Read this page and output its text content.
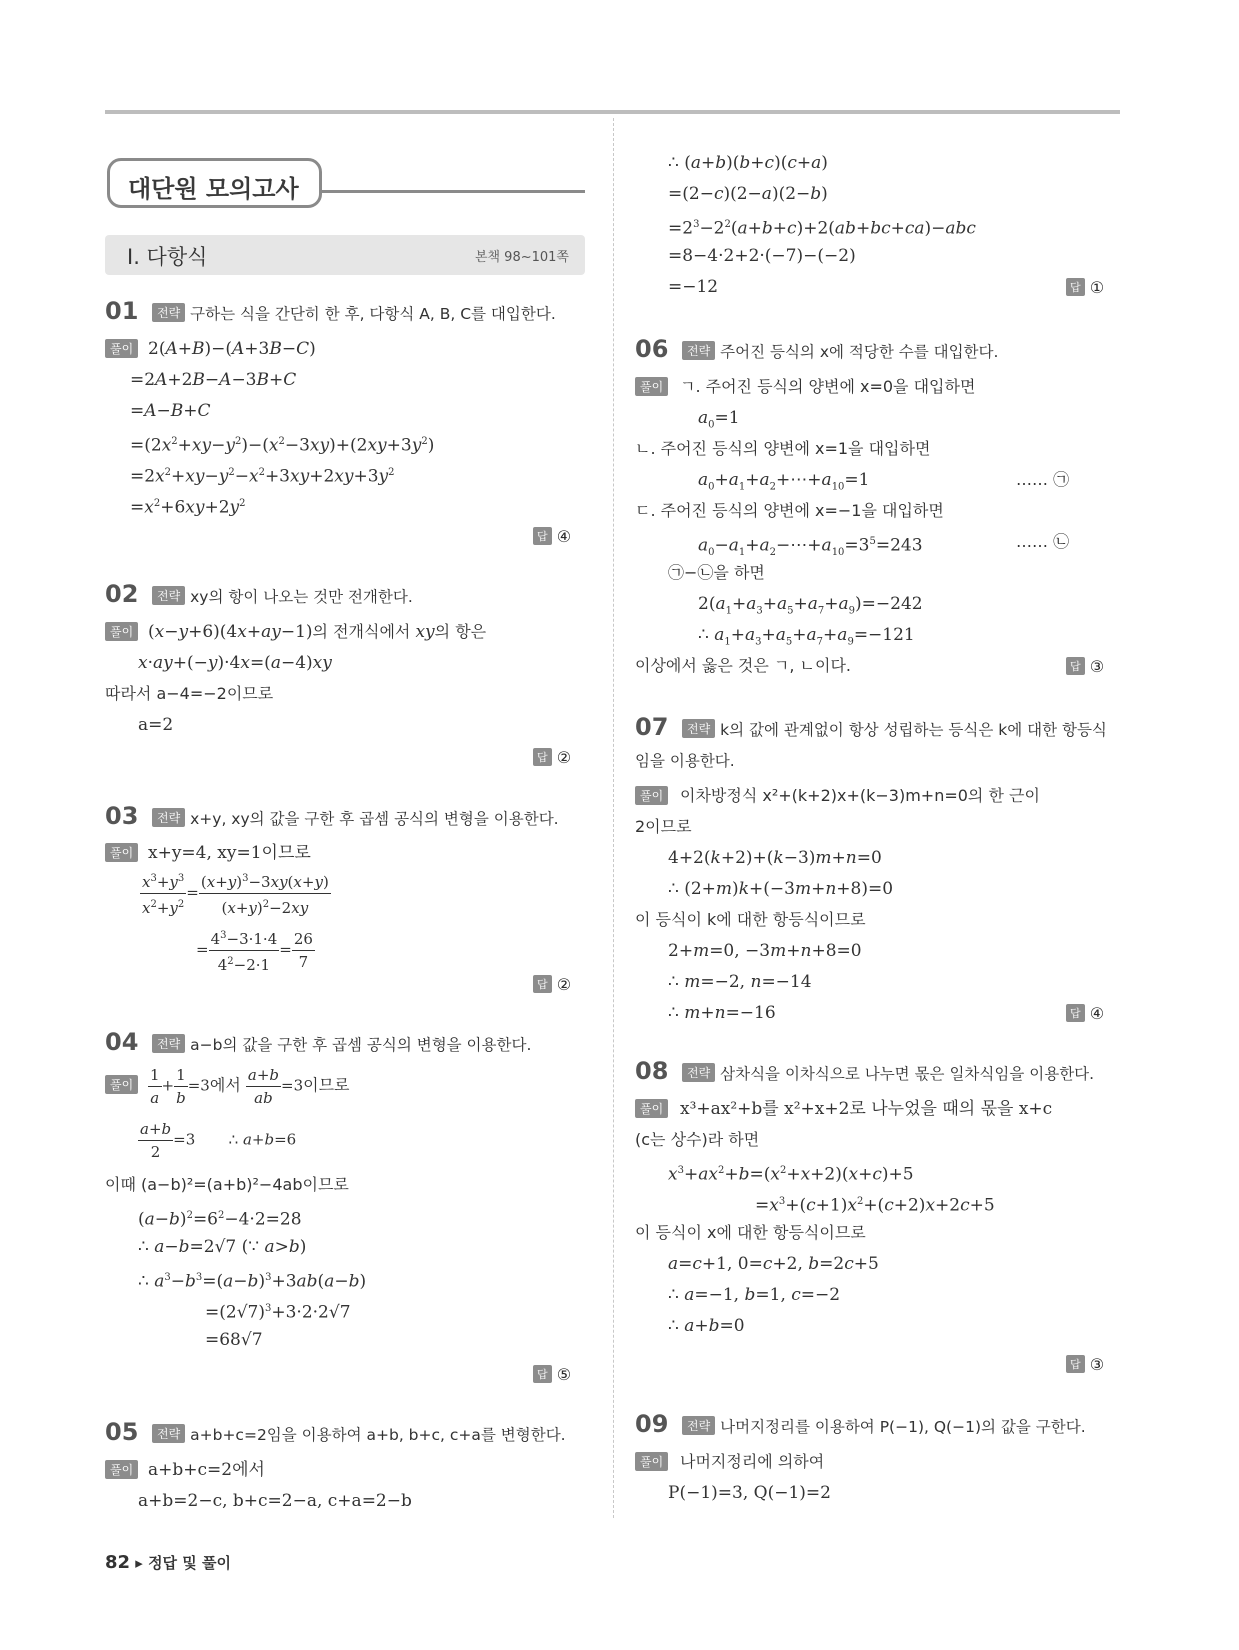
대단원 모의고사
Ⅰ. 다항식	본책 98~101쪽
01	전략 구하는 식을 간단히 한 후, 다항식 A, B, C를 대입한다.
풀이 2(A+B)−(A+3B−C)
=2A+2B−A−3B+C
=A−B+C
$=(2x^2+xy-y^2)-(x^2-3xy)+(2xy+3y^2)$
$=2x^2+xy-y^2-x^2+3xy+2xy+3y^2$
$=x^2+6xy+2y^2$
답 ④
02	전략 xy의 항이 나오는 것만 전개한다.
풀이 (x−y+6)(4x+ay−1)의 전개식에서 xy의 항은
x·ay+(−y)·4x=(a−4)xy
따라서 a−4=−2이므로
a=2
답 ②
03	전략 x+y, xy의 값을 구한 후 곱셈 공식의 변형을 이용한다.
풀이 x+y=4, xy=1이므로
$\frac{x^3+y^3}{x^2+y^2} = \frac{(x+y)^3-3xy(x+y)}{(x+y)^2-2xy}$
= $\frac{4^3-3\cdot 1\cdot 4}{4^2-2\cdot 1} = \frac{26}{7}$
답 ②
04	전략 a−b의 값을 구한 후 곱셈 공식의 변형을 이용한다.
풀이 $\frac{1}{a} + \frac{1}{b} =3$에서 $\frac{a+b}{ab} =3$이므로
$\frac{a+b}{2} =3$       ∴ a+b=6
이때 (a−b)²=(a+b)²−4ab이므로
$(a-b)^2=6^2-4\cdot 2=28$
∴ a−b=2√7 (∵ a>b)
∴ $a^3-b^3=(a-b)^3+3ab(a-b)$
$=(2√7)^3+3\cdot 2\cdot 2√7$
=68√7
답 ⑤
05	전략 a+b+c=2임을 이용하여 a+b, b+c, c+a를 변형한다.
풀이 a+b+c=2에서
a+b=2−c, b+c=2−a, c+a=2−b
∴ (a+b)(b+c)(c+a)
=(2−c)(2−a)(2−b)
$=2^3-2^2(a+b+c)+2(ab+bc+ca)-abc$
=8−4·2+2·(−7)−(−2)
=−12	답 ①
06	전략 주어진 등식의 x에 적당한 수를 대입한다.
풀이	ㄱ. 주어진 등식의 양변에 x=0을 대입하면
$a_0=1$
ㄴ. 주어진 등식의 양변에 x=1을 대입하면
$a_0+a_1+a_2+\cdots+a_{10}=1$	…… ㉠
ㄷ. 주어진 등식의 양변에 x=−1을 대입하면
$a_0-a_1+a_2-\cdots+a_{10}=3^5=243$	…… ㉡
㉠−㉡을 하면
$2(a_1+a_3+a_5+a_7+a_9)=-242$
∴ $a_1+a_3+a_5+a_7+a_9=-121$
이상에서 옳은 것은 ㄱ, ㄴ이다.	답 ③
07	전략 k의 값에 관계없이 항상 성립하는 등식은 k에 대한 항등식
임을 이용한다.
풀이	이차방정식 x²+(k+2)x+(k−3)m+n=0의 한 근이
2이므로
4+2(k+2)+(k−3)m+n=0
∴ (2+m)k+(−3m+n+8)=0
이 등식이 k에 대한 항등식이므로
2+m=0, −3m+n+8=0
∴ m=−2, n=−14
∴ m+n=−16	답 ④
08	전략 삼차식을 이차식으로 나누면 몫은 일차식임을 이용한다.
풀이 x³+ax²+b를 x²+x+2로 나누었을 때의 몫을 x+c
(c는 상수)라 하면
$x^3+ax^2+b=(x^2+x+2)(x+c)+5$
$=x^3+(c+1)x^2+(c+2)x+2c+5$
이 등식이 x에 대한 항등식이므로
a=c+1, 0=c+2, b=2c+5
∴ a=−1, b=1, c=−2
∴ a+b=0
답 ③
09	전략 나머지정리를 이용하여 P(−1), Q(−1)의 값을 구한다.
풀이	나머지정리에 의하여
P(−1)=3, Q(−1)=2
82 ▸ 정답 및 풀이
